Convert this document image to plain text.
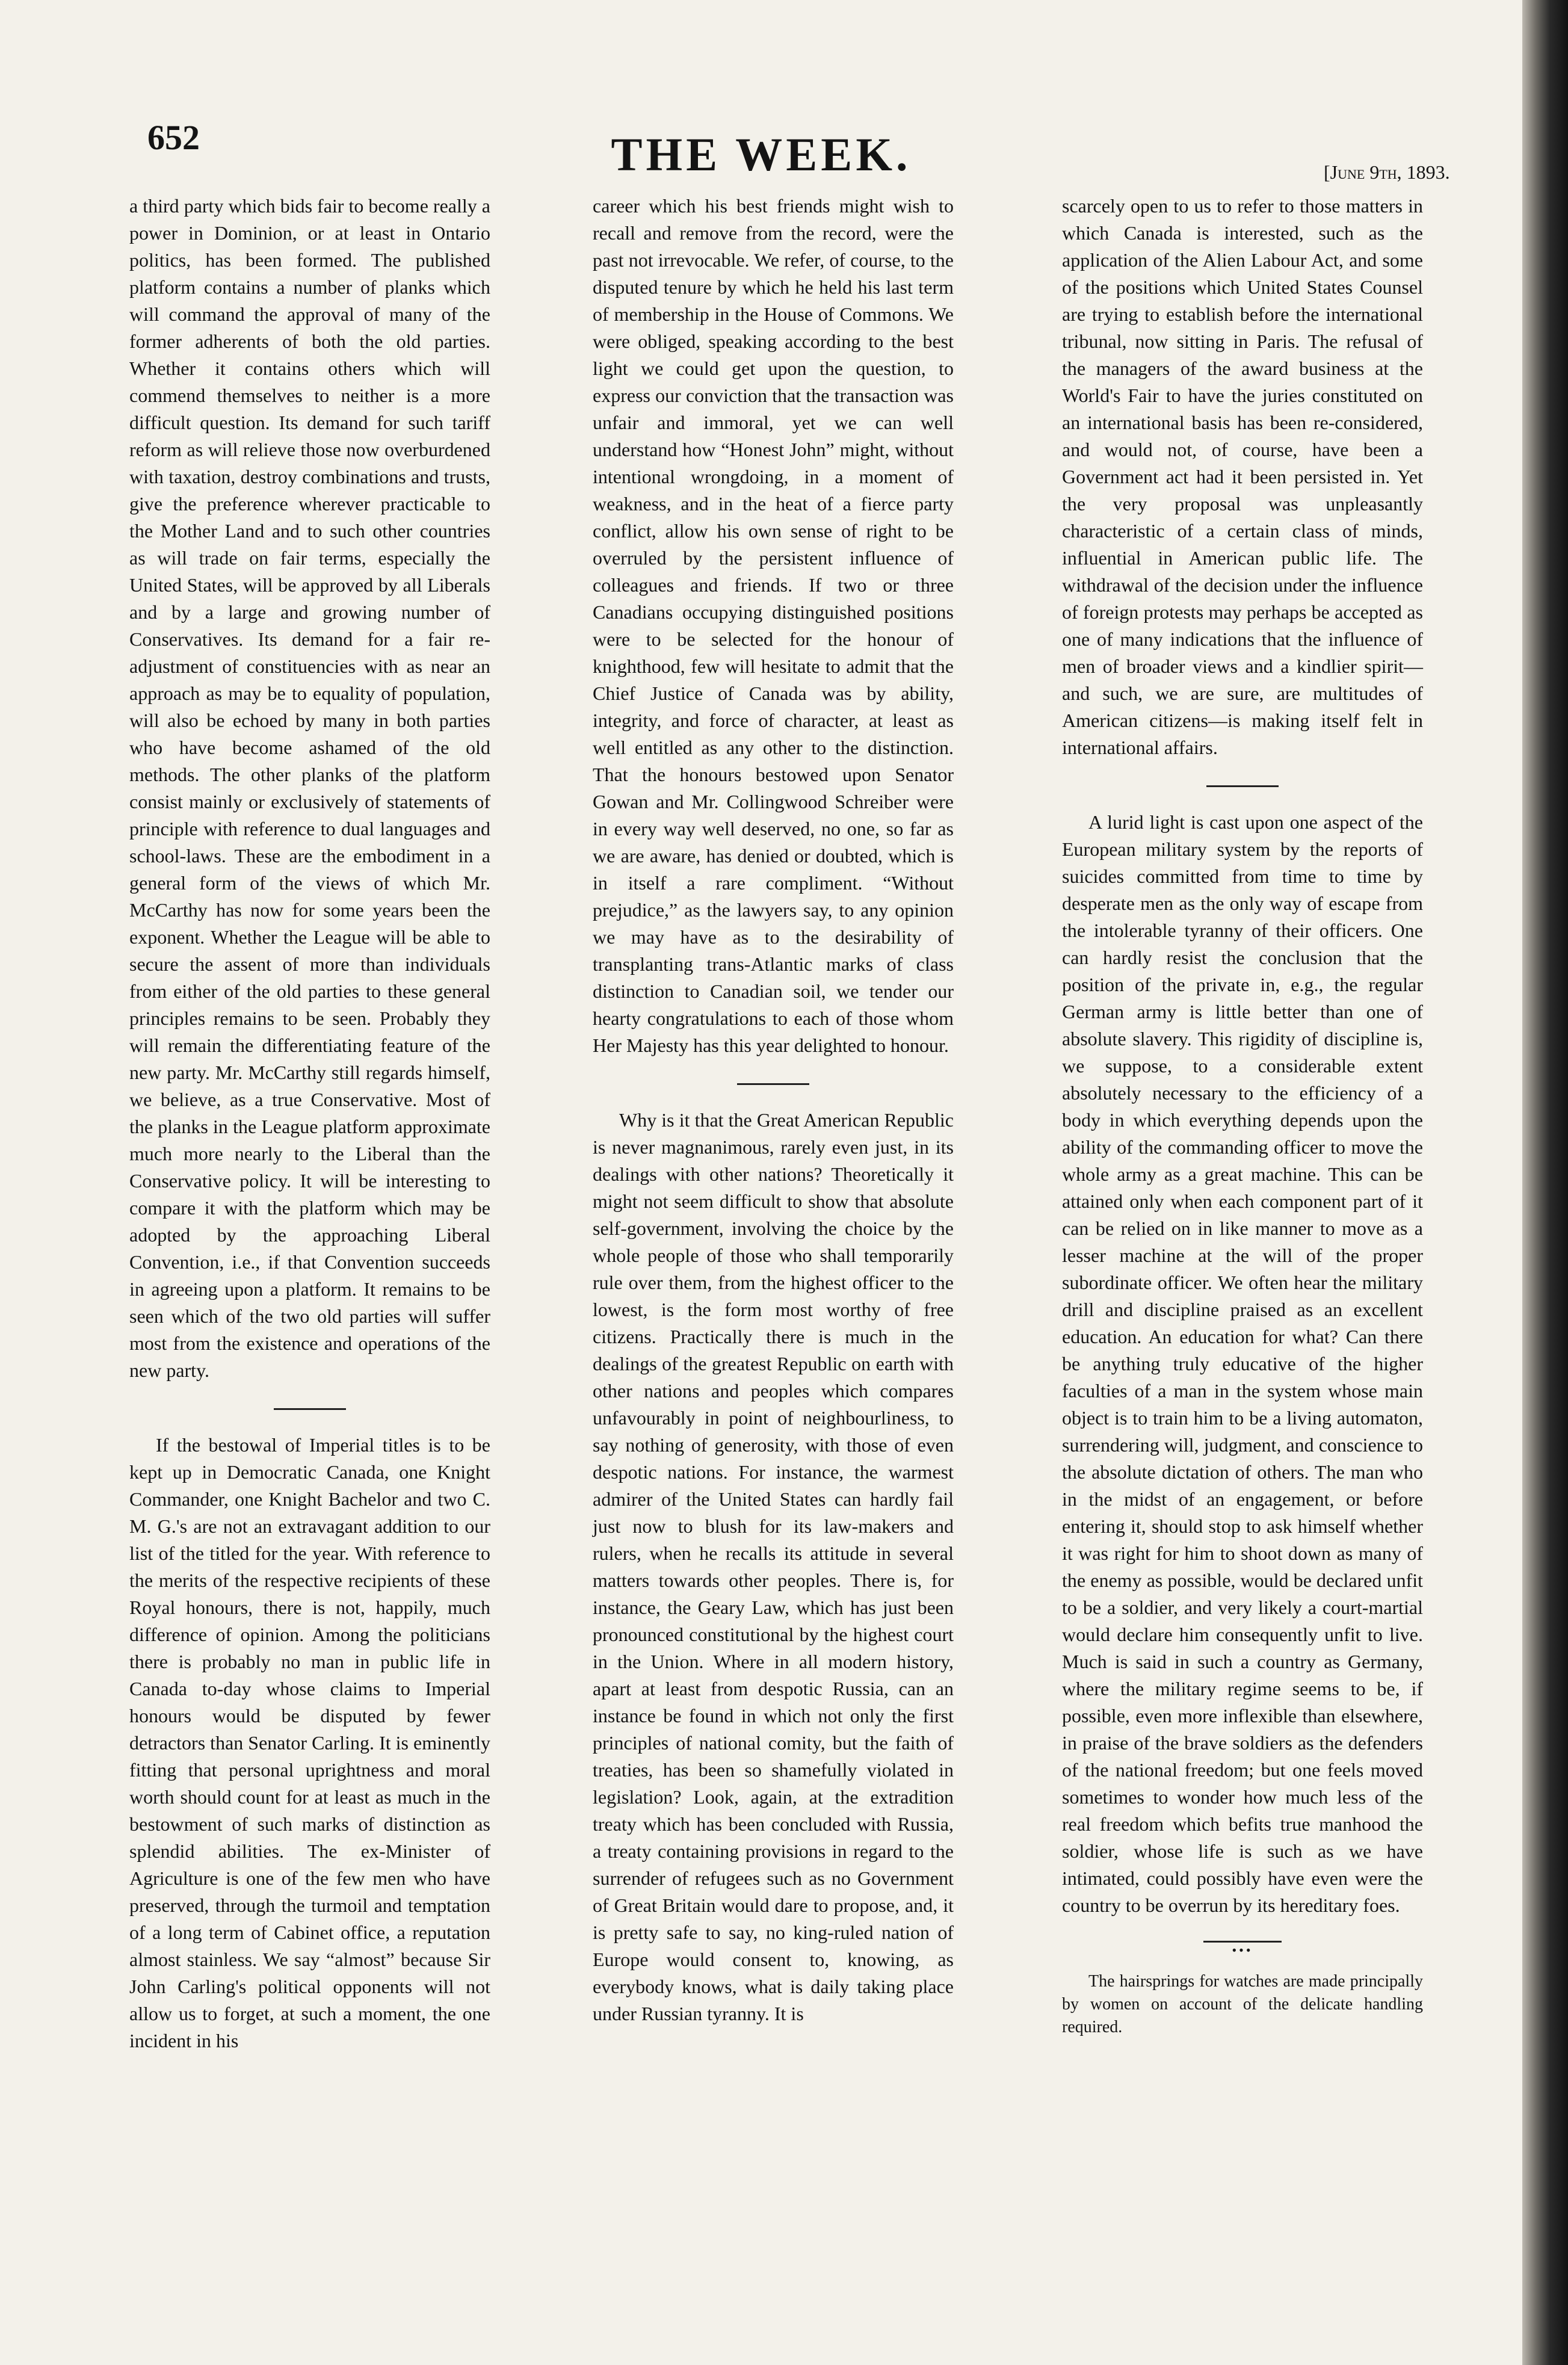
652	THE WEEK.	[June 9th, 1893.

a third party which bids fair to become really a power in Dominion, or at least in Ontario politics, has been formed. The published platform contains a number of planks which will command the approval of many of the former adherents of both the old parties. Whether it contains others which will commend themselves to neither is a more difficult question. Its demand for such tariff reform as will relieve those now overburdened with taxation, destroy combinations and trusts, give the preference wherever practicable to the Mother Land and to such other countries as will trade on fair terms, especially the United States, will be approved by all Liberals and by a large and growing number of Conservatives. Its demand for a fair re-adjustment of constituencies with as near an approach as may be to equality of population, will also be echoed by many in both parties who have become ashamed of the old methods. The other planks of the platform consist mainly or exclusively of statements of principle with reference to dual languages and school-laws. These are the embodiment in a general form of the views of which Mr. McCarthy has now for some years been the exponent. Whether the League will be able to secure the assent of more than individuals from either of the old parties to these general principles remains to be seen. Probably they will remain the differentiating feature of the new party. Mr. McCarthy still regards himself, we believe, as a true Conservative. Most of the planks in the League platform approximate much more nearly to the Liberal than the Conservative policy. It will be interesting to compare it with the platform which may be adopted by the approaching Liberal Convention, i.e., if that Convention succeeds in agreeing upon a platform. It remains to be seen which of the two old parties will suffer most from the existence and operations of the new party.

If the bestowal of Imperial titles is to be kept up in Democratic Canada, one Knight Commander, one Knight Bachelor and two C. M. G.'s are not an extravagant addition to our list of the titled for the year. With reference to the merits of the respective recipients of these Royal honours, there is not, happily, much difference of opinion. Among the politicians there is probably no man in public life in Canada to-day whose claims to Imperial honours would be disputed by fewer detractors than Senator Carling. It is eminently fitting that personal uprightness and moral worth should count for at least as much in the bestowment of such marks of distinction as splendid abilities. The ex-Minister of Agriculture is one of the few men who have preserved, through the turmoil and temptation of a long term of Cabinet office, a reputation almost stainless. We say “almost” because Sir John Carling's political opponents will not allow us to forget, at such a moment, the one incident in his

career which his best friends might wish to recall and remove from the record, were the past not irrevocable. We refer, of course, to the disputed tenure by which he held his last term of membership in the House of Commons. We were obliged, speaking according to the best light we could get upon the question, to express our conviction that the transaction was unfair and immoral, yet we can well understand how “Honest John” might, without intentional wrongdoing, in a moment of weakness, and in the heat of a fierce party conflict, allow his own sense of right to be overruled by the persistent influence of colleagues and friends. If two or three Canadians occupying distinguished positions were to be selected for the honour of knighthood, few will hesitate to admit that the Chief Justice of Canada was by ability, integrity, and force of character, at least as well entitled as any other to the distinction. That the honours bestowed upon Senator Gowan and Mr. Collingwood Schreiber were in every way well deserved, no one, so far as we are aware, has denied or doubted, which is in itself a rare compliment. “Without prejudice,” as the lawyers say, to any opinion we may have as to the desirability of transplanting trans-Atlantic marks of class distinction to Canadian soil, we tender our hearty congratulations to each of those whom Her Majesty has this year delighted to honour.

Why is it that the Great American Republic is never magnanimous, rarely even just, in its dealings with other nations? Theoretically it might not seem difficult to show that absolute self-government, involving the choice by the whole people of those who shall temporarily rule over them, from the highest officer to the lowest, is the form most worthy of free citizens. Practically there is much in the dealings of the greatest Republic on earth with other nations and peoples which compares unfavourably in point of neighbourliness, to say nothing of generosity, with those of even despotic nations. For instance, the warmest admirer of the United States can hardly fail just now to blush for its law-makers and rulers, when he recalls its attitude in several matters towards other peoples. There is, for instance, the Geary Law, which has just been pronounced constitutional by the highest court in the Union. Where in all modern history, apart at least from despotic Russia, can an instance be found in which not only the first principles of national comity, but the faith of treaties, has been so shamefully violated in legislation? Look, again, at the extradition treaty which has been concluded with Russia, a treaty containing provisions in regard to the surrender of refugees such as no Government of Great Britain would dare to propose, and, it is pretty safe to say, no king-ruled nation of Europe would consent to, knowing, as everybody knows, what is daily taking place under Russian tyranny. It is

scarcely open to us to refer to those matters in which Canada is interested, such as the application of the Alien Labour Act, and some of the positions which United States Counsel are trying to establish before the international tribunal, now sitting in Paris. The refusal of the managers of the award business at the World's Fair to have the juries constituted on an international basis has been re-considered, and would not, of course, have been a Government act had it been persisted in. Yet the very proposal was unpleasantly characteristic of a certain class of minds, influential in American public life. The withdrawal of the decision under the influence of foreign protests may perhaps be accepted as one of many indications that the influence of men of broader views and a kindlier spirit—and such, we are sure, are multitudes of American citizens—is making itself felt in international affairs.

A lurid light is cast upon one aspect of the European military system by the reports of suicides committed from time to time by desperate men as the only way of escape from the intolerable tyranny of their officers. One can hardly resist the conclusion that the position of the private in, e.g., the regular German army is little better than one of absolute slavery. This rigidity of discipline is, we suppose, to a considerable extent absolutely necessary to the efficiency of a body in which everything depends upon the ability of the commanding officer to move the whole army as a great machine. This can be attained only when each component part of it can be relied on in like manner to move as a lesser machine at the will of the proper subordinate officer. We often hear the military drill and discipline praised as an excellent education. An education for what? Can there be anything truly educative of the higher faculties of a man in the system whose main object is to train him to be a living automaton, surrendering will, judgment, and conscience to the absolute dictation of others. The man who in the midst of an engagement, or before entering it, should stop to ask himself whether it was right for him to shoot down as many of the enemy as possible, would be declared unfit to be a soldier, and very likely a court-martial would declare him consequently unfit to live. Much is said in such a country as Germany, where the military regime seems to be, if possible, even more inflexible than elsewhere, in praise of the brave soldiers as the defenders of the national freedom; but one feels moved sometimes to wonder how much less of the real freedom which befits true manhood the soldier, whose life is such as we have intimated, could possibly have even were the country to be overrun by its hereditary foes.

•••

The hairsprings for watches are made principally by women on account of the delicate handling required.
